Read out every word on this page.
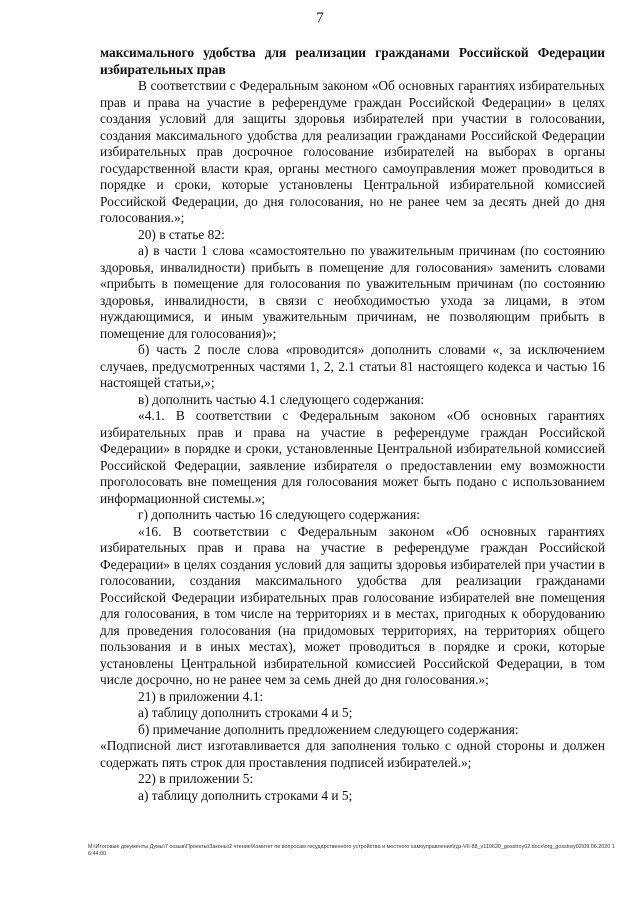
7

максимального удобства для реализации гражданами Российской Федерации избирательных прав

В соответствии с Федеральным законом «Об основных гарантиях избирательных прав и права на участие в референдуме граждан Российской Федерации» в целях создания условий для защиты здоровья избирателей при участии в голосовании, создания максимального удобства для реализации гражданами Российской Федерации избирательных прав досрочное голосование избирателей на выборах в органы государственной власти края, органы местного самоуправления может проводиться в порядке и сроки, которые установлены Центральной избирательной комиссией Российской Федерации, до дня голосования, но не ранее чем за десять дней до дня голосования.»;

20) в статье 82:

а) в части 1 слова «самостоятельно по уважительным причинам (по состоянию здоровья, инвалидности) прибыть в помещение для голосования» заменить словами «прибыть в помещение для голосования по уважительным причинам (по состоянию здоровья, инвалидности, в связи с необходимостью ухода за лицами, в этом нуждающимися, и иным уважительным причинам, не позволяющим прибыть в помещение для голосования)»;

б) часть 2 после слова «проводится» дополнить словами «, за исключением случаев, предусмотренных частями 1, 2, 2.1 статьи 81 настоящего кодекса и частью 16 настоящей статьи,»;

в) дополнить частью 4.1 следующего содержания:

«4.1. В соответствии с Федеральным законом «Об основных гарантиях избирательных прав и права на участие в референдуме граждан Российской Федерации» в порядке и сроки, установленные Центральной избирательной комиссией Российской Федерации, заявление избирателя о предоставлении ему возможности проголосовать вне помещения для голосования может быть подано с использованием информационной системы.»;

г) дополнить частью 16 следующего содержания:

«16. В соответствии с Федеральным законом «Об основных гарантиях избирательных прав и права на участие в референдуме граждан Российской Федерации» в целях создания условий для защиты здоровья избирателей при участии в голосовании, создания максимального удобства для реализации гражданами Российской Федерации избирательных прав голосование избирателей вне помещения для голосования, в том числе на территориях и в местах, пригодных к оборудованию для проведения голосования (на придомовых территориях, на территориях общего пользования и в иных местах), может проводиться в порядке и сроки, которые установлены Центральной избирательной комиссией Российской Федерации, в том числе досрочно, но не ранее чем за семь дней до дня голосования.»;

21) в приложении 4.1:

а) таблицу дополнить строками 4 и 5;

б) примечание дополнить предложением следующего содержания:

«Подписной лист изготавливается для заполнения только с одной стороны и должен содержать пять строк для проставления подписей избирателей.»;

22) в приложении 5:

а) таблицу дополнить строками 4 и 5;

M:\Итоговые документы Думы\7 созыв\Проекты\Законы\2 чтение\Комитет по вопросам государственного устройства и местного самоуправления\гдз-VII-88_v110620_gosstroy02.docx\org_gosstroy02\09.06.2020 16:44:00
